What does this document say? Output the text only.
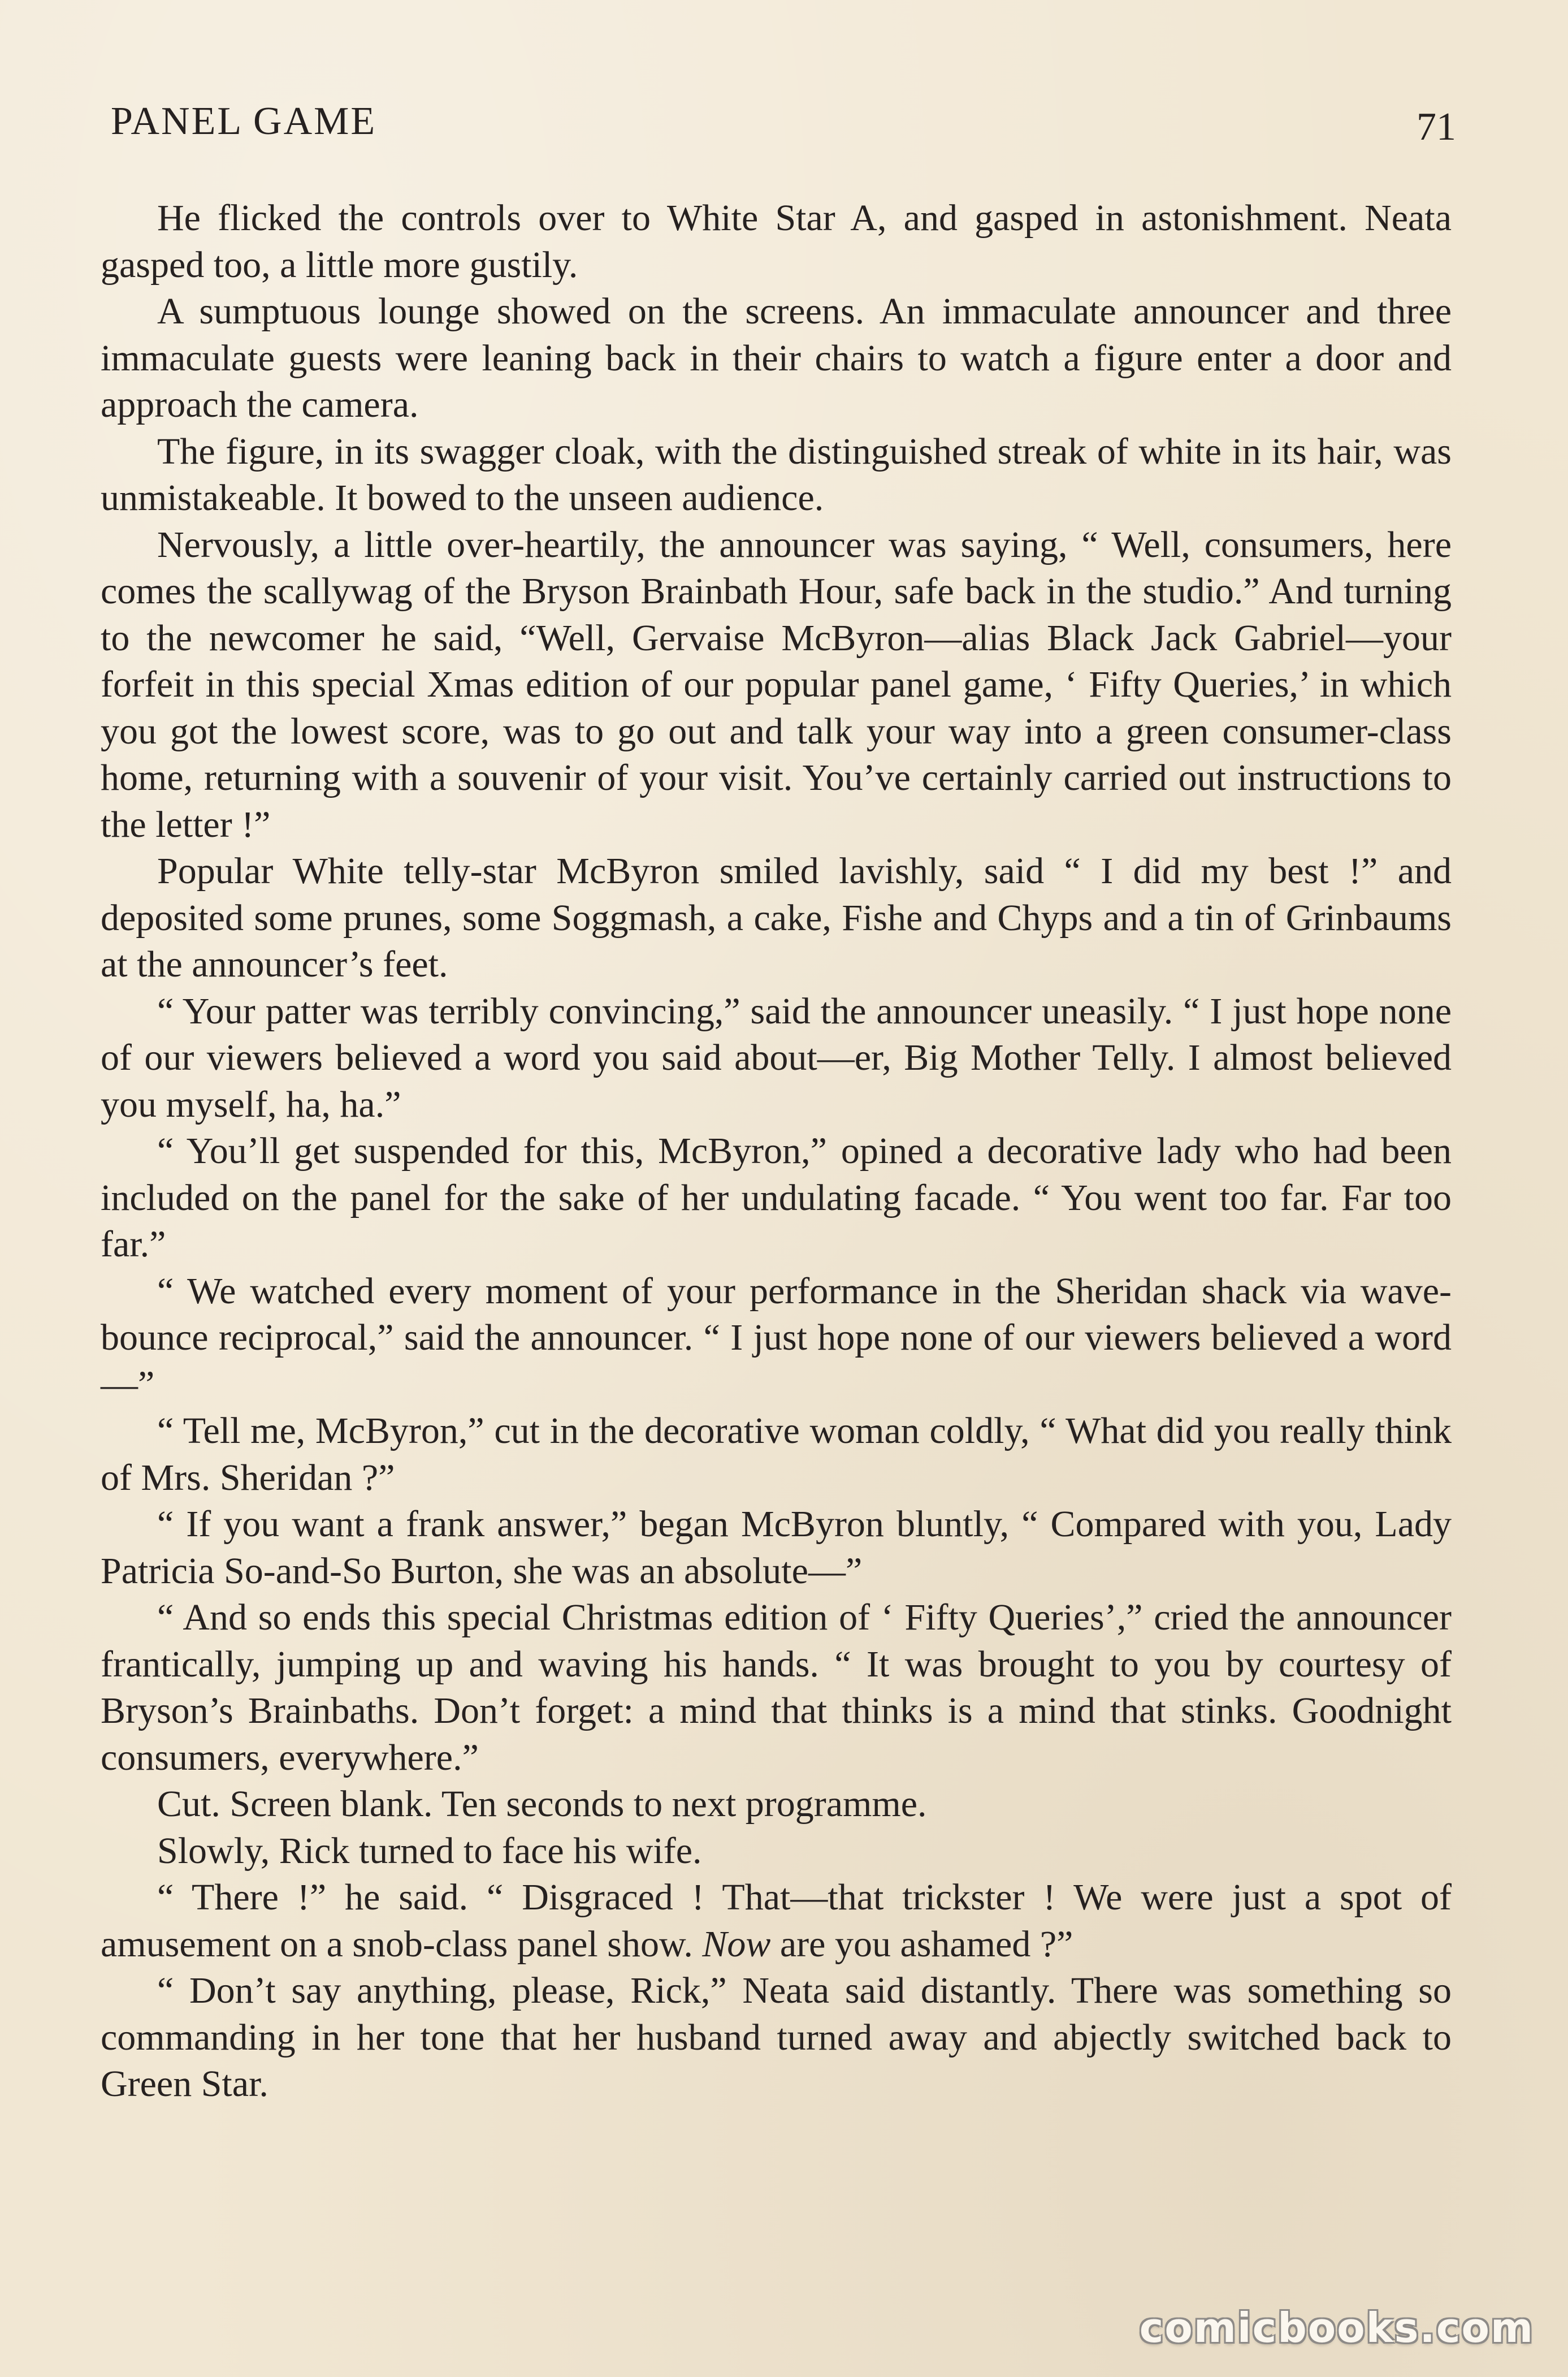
PANEL GAME	71

He flicked the controls over to White Star A, and gasped in astonishment. Neata gasped too, a little more gustily.

A sumptuous lounge showed on the screens. An immaculate announcer and three immaculate guests were leaning back in their chairs to watch a figure enter a door and approach the camera.

The figure, in its swagger cloak, with the distinguished streak of white in its hair, was unmistakeable. It bowed to the unseen audience.

Nervously, a little over-heartily, the announcer was saying, “ Well, consumers, here comes the scallywag of the Bryson Brainbath Hour, safe back in the studio.” And turning to the newcomer he said, “Well, Gervaise McByron—alias Black Jack Gabriel—your forfeit in this special Xmas edition of our popular panel game, ‘ Fifty Queries,’ in which you got the lowest score, was to go out and talk your way into a green consumer-class home, returning with a souvenir of your visit. You’ve certainly carried out instructions to the letter !”

Popular White telly-star McByron smiled lavishly, said “ I did my best !” and deposited some prunes, some Soggmash, a cake, Fishe and Chyps and a tin of Grinbaums at the announcer’s feet.

“ Your patter was terribly convincing,” said the announcer uneasily. “ I just hope none of our viewers believed a word you said about—er, Big Mother Telly. I almost believed you myself, ha, ha.”

“ You’ll get suspended for this, McByron,” opined a decorative lady who had been included on the panel for the sake of her undulating facade. “ You went too far. Far too far.”

“ We watched every moment of your performance in the Sheridan shack via wave-bounce reciprocal,” said the announcer. “ I just hope none of our viewers believed a word—”

“ Tell me, McByron,” cut in the decorative woman coldly, “ What did you really think of Mrs. Sheridan ?”

“ If you want a frank answer,” began McByron bluntly, “ Compared with you, Lady Patricia So-and-So Burton, she was an absolute—”

“ And so ends this special Christmas edition of ‘ Fifty Queries’,” cried the announcer frantically, jumping up and waving his hands. “ It was brought to you by courtesy of Bryson’s Brainbaths. Don’t forget: a mind that thinks is a mind that stinks. Goodnight consumers, everywhere.”

Cut. Screen blank. Ten seconds to next programme.

Slowly, Rick turned to face his wife.

“ There !” he said. “ Disgraced ! That—that trickster ! We were just a spot of amusement on a snob-class panel show. Now are you ashamed ?”

“ Don’t say anything, please, Rick,” Neata said distantly. There was something so commanding in her tone that her husband turned away and abjectly switched back to Green Star.

comicbooks.com
